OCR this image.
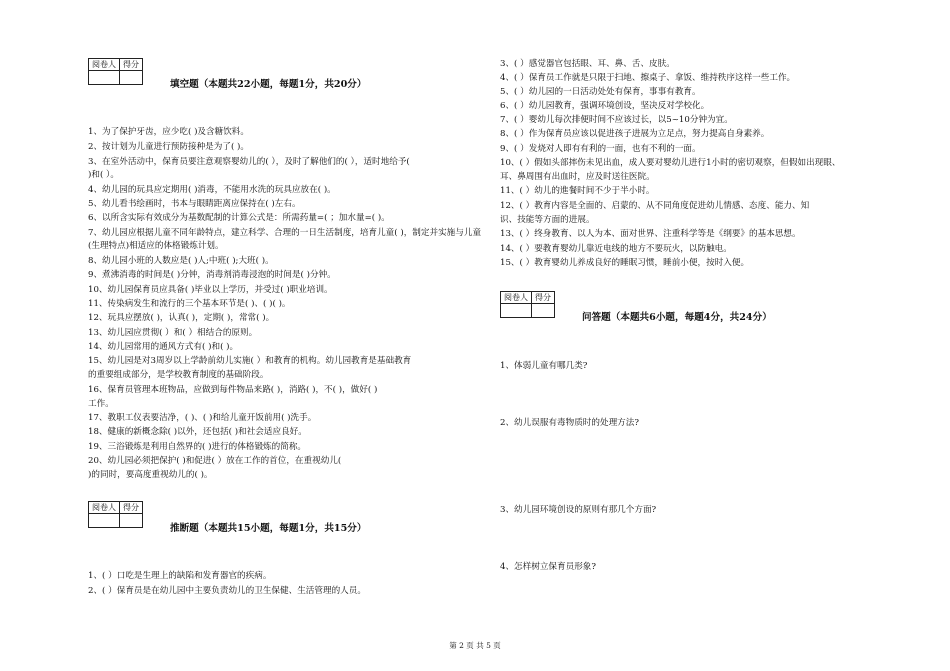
阅卷人	得分

填空题（本题共22小题，每题1分，共20分）
1、为了保护牙齿，应少吃( )及含糖饮料。
2、按计划为儿童进行预防接种是为了( )。
3、在室外活动中，保育员要注意观察婴幼儿的( ），及时了解他们的( ），适时地给予(
)和( ）。
4、幼儿园的玩具应定期用( )消毒，不能用水洗的玩具应放在( )。
5、幼儿看书绘画时，书本与眼睛距离应保持在( )左右。
6、以所含实际有效成分为基数配制的计算公式是：所需药量=( ；加水量=( )。
7、幼儿园应根据儿童不同年龄特点，建立科学、合理的一日生活制度，培育儿童( )，制定并实施与儿童(生理特点)相适应的体格锻炼计划。
8、幼儿园小班的人数应是( )人;中班( );大班( )。
9、煮沸消毒的时间是( )分钟，消毒剂消毒浸泡的时间是( )分钟。
10、幼儿园保育员应具备( )毕业以上学历，并受过( )职业培训。
11、传染病发生和流行的三个基本环节是( )、( )( )。
12、玩具应摆放( )，认真( )，定期( )，常常( )。
13、幼儿园应贯彻( ）和( ）相结合的原则。
14、幼儿园常用的通风方式有( )和( )。
15、幼儿园是对3周岁以上学龄前幼儿实施( ）和教育的机构。幼儿园教育是基础教育
的重要组成部分，是学校教育制度的基础阶段。
16、保育员管理本班物品，应做到每件物品来路( )，消路( )，不( )，做好( )
工作。
17、教职工仪表要洁净，( )、( )和给儿童开饭前用( )洗手。
18、健康的新概念除( )以外，还包括( )和社会适应良好。
19、三浴锻炼是利用自然界的( )进行的体格锻炼的简称。
20、幼儿园必须把保护( )和促进( ）放在工作的首位，在重视幼儿(
)的同时，要高度重视幼儿的( )。
阅卷人	得分

推断题（本题共15小题，每题1分，共15分）
1、( ）口吃是生理上的缺陷和发育器官的疾病。
2、( ）保育员是在幼儿园中主要负责幼儿的卫生保健、生活管理的人员。
3、( ）感觉器官包括眼、耳、鼻、舌、皮肤。
4、( ）保育员工作就是只限于扫地、擦桌子、拿饭、维持秩序这样一些工作。
5、( ）幼儿园的一日活动处处有保育，事事有教育。
6、( ）幼儿园教育，强调环境创设，坚决反对学校化。
7、( ）婴幼儿每次排便时间不应该过长，以5~10分钟为宜。
8、( ）作为保育员应该以促进孩子进展为立足点，努力提高自身素养。
9、( ）发烧对人即有有利的一面，也有不利的一面。
10、( ）假如头部摔伤未见出血，成人要对婴幼儿进行1小时的密切观察，但假如出现眼、
耳、鼻周围有出血时，应及时送往医院。
11、( ）幼儿的進餐时间不少于半小时。
12、( ）教育内容是全面的、启蒙的、从不同角度促进幼儿情感、态度、能力、知
识、技能等方面的进展。
13、( ）终身教育、以人为本、面对世界、注重科学等是《纲要》的基本思想。
14、( ）要教育婴幼儿靠近电线的地方不要玩火，以防触电。
15、( ）教育婴幼儿养成良好的睡眠习惯，睡前小便，按时入便。
阅卷人	得分

问答题（本题共6小题，每题4分，共24分）
1、体弱儿童有哪几类?
2、幼儿误服有毒物质时的处理方法?
3、幼儿园环境创设的原则有那几个方面?
4、怎样树立保育员形象?
第 2 页 共 5 页
